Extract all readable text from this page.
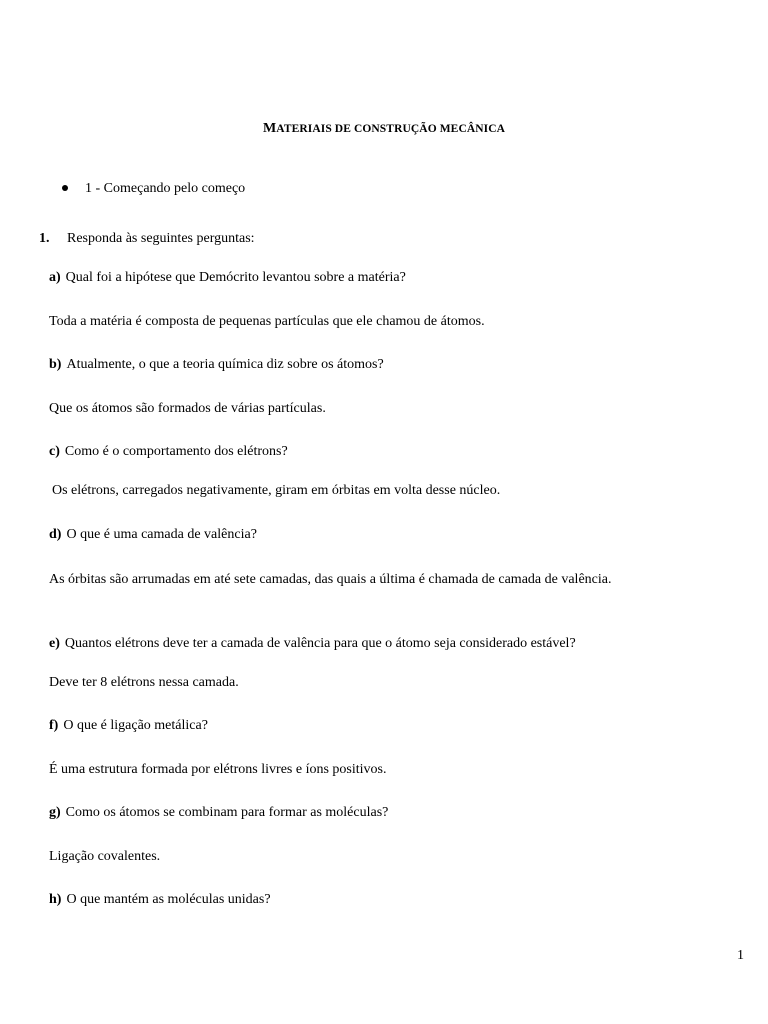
MATERIAIS DE CONSTRUÇÃO MECÂNICA
1 - Começando pelo começo
1. Responda às seguintes perguntas:
a) Qual foi a hipótese que Demócrito levantou sobre a matéria?
Toda a matéria é composta de pequenas partículas que ele chamou de átomos.
b) Atualmente, o que a teoria química diz sobre os átomos?
Que os átomos são formados de várias partículas.
c) Como é o comportamento dos elétrons?
Os elétrons, carregados negativamente, giram em órbitas em volta desse núcleo.
d) O que é uma camada de valência?
As órbitas são arrumadas em até sete camadas, das quais a última é chamada de camada de valência.
e) Quantos elétrons deve ter a camada de valência para que o átomo seja considerado estável?
Deve ter 8 elétrons nessa camada.
f) O que é ligação metálica?
É uma estrutura formada por elétrons livres e íons positivos.
g) Como os átomos se combinam para formar as moléculas?
Ligação covalentes.
h) O que mantém as moléculas unidas?
1
